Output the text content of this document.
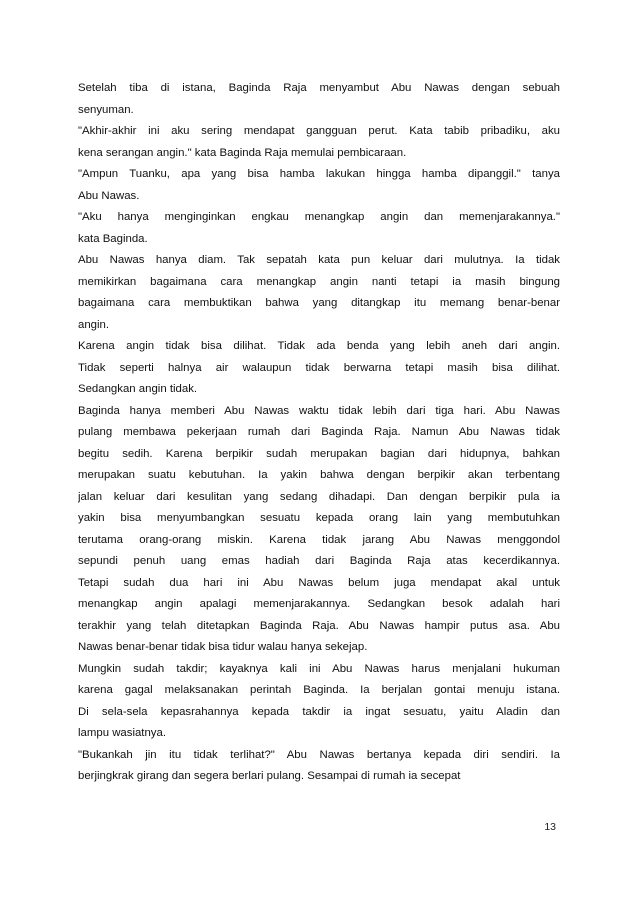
Setelah tiba di istana, Baginda Raja menyambut Abu Nawas dengan sebuah
senyuman.
"Akhir-akhir ini aku sering mendapat gangguan perut. Kata tabib pribadiku, aku
kena serangan angin." kata Baginda Raja memulai pembicaraan.
"Ampun Tuanku, apa yang bisa hamba lakukan hingga hamba dipanggil." tanya
Abu Nawas.
"Aku hanya menginginkan engkau menangkap angin dan memenjarakannya."
kata Baginda.
Abu Nawas hanya diam. Tak sepatah kata pun keluar dari mulutnya. Ia tidak
memikirkan bagaimana cara menangkap angin nanti tetapi ia masih bingung
bagaimana cara membuktikan bahwa yang ditangkap itu memang benar-benar
angin.
Karena angin tidak bisa dilihat. Tidak ada benda yang lebih aneh dari angin.
Tidak seperti halnya air walaupun tidak berwarna tetapi masih bisa dilihat.
Sedangkan angin tidak.
Baginda hanya memberi Abu Nawas waktu tidak lebih dari tiga hari. Abu Nawas
pulang membawa pekerjaan rumah dari Baginda Raja. Namun Abu Nawas tidak
begitu sedih. Karena berpikir sudah merupakan bagian dari hidupnya, bahkan
merupakan suatu kebutuhan. Ia yakin bahwa dengan berpikir akan terbentang
jalan keluar dari kesulitan yang sedang dihadapi. Dan dengan berpikir pula ia
yakin bisa menyumbangkan sesuatu kepada orang lain yang membutuhkan
terutama orang-orang miskin. Karena tidak jarang Abu Nawas menggondol
sepundi penuh uang emas hadiah dari Baginda Raja atas kecerdikannya.
Tetapi sudah dua hari ini Abu Nawas belum juga mendapat akal untuk
menangkap angin apalagi memenjarakannya. Sedangkan besok adalah hari
terakhir yang telah ditetapkan Baginda Raja. Abu Nawas hampir putus asa. Abu
Nawas benar-benar tidak bisa tidur walau hanya sekejap.
Mungkin sudah takdir; kayaknya kali ini Abu Nawas harus menjalani hukuman
karena gagal melaksanakan perintah Baginda. Ia berjalan gontai menuju istana.
Di sela-sela kepasrahannya kepada takdir ia ingat sesuatu, yaitu Aladin dan
lampu wasiatnya.
"Bukankah jin itu tidak terlihat?" Abu Nawas bertanya kepada diri sendiri. Ia
berjingkrak girang dan segera berlari pulang. Sesampai di rumah ia secepat
13
